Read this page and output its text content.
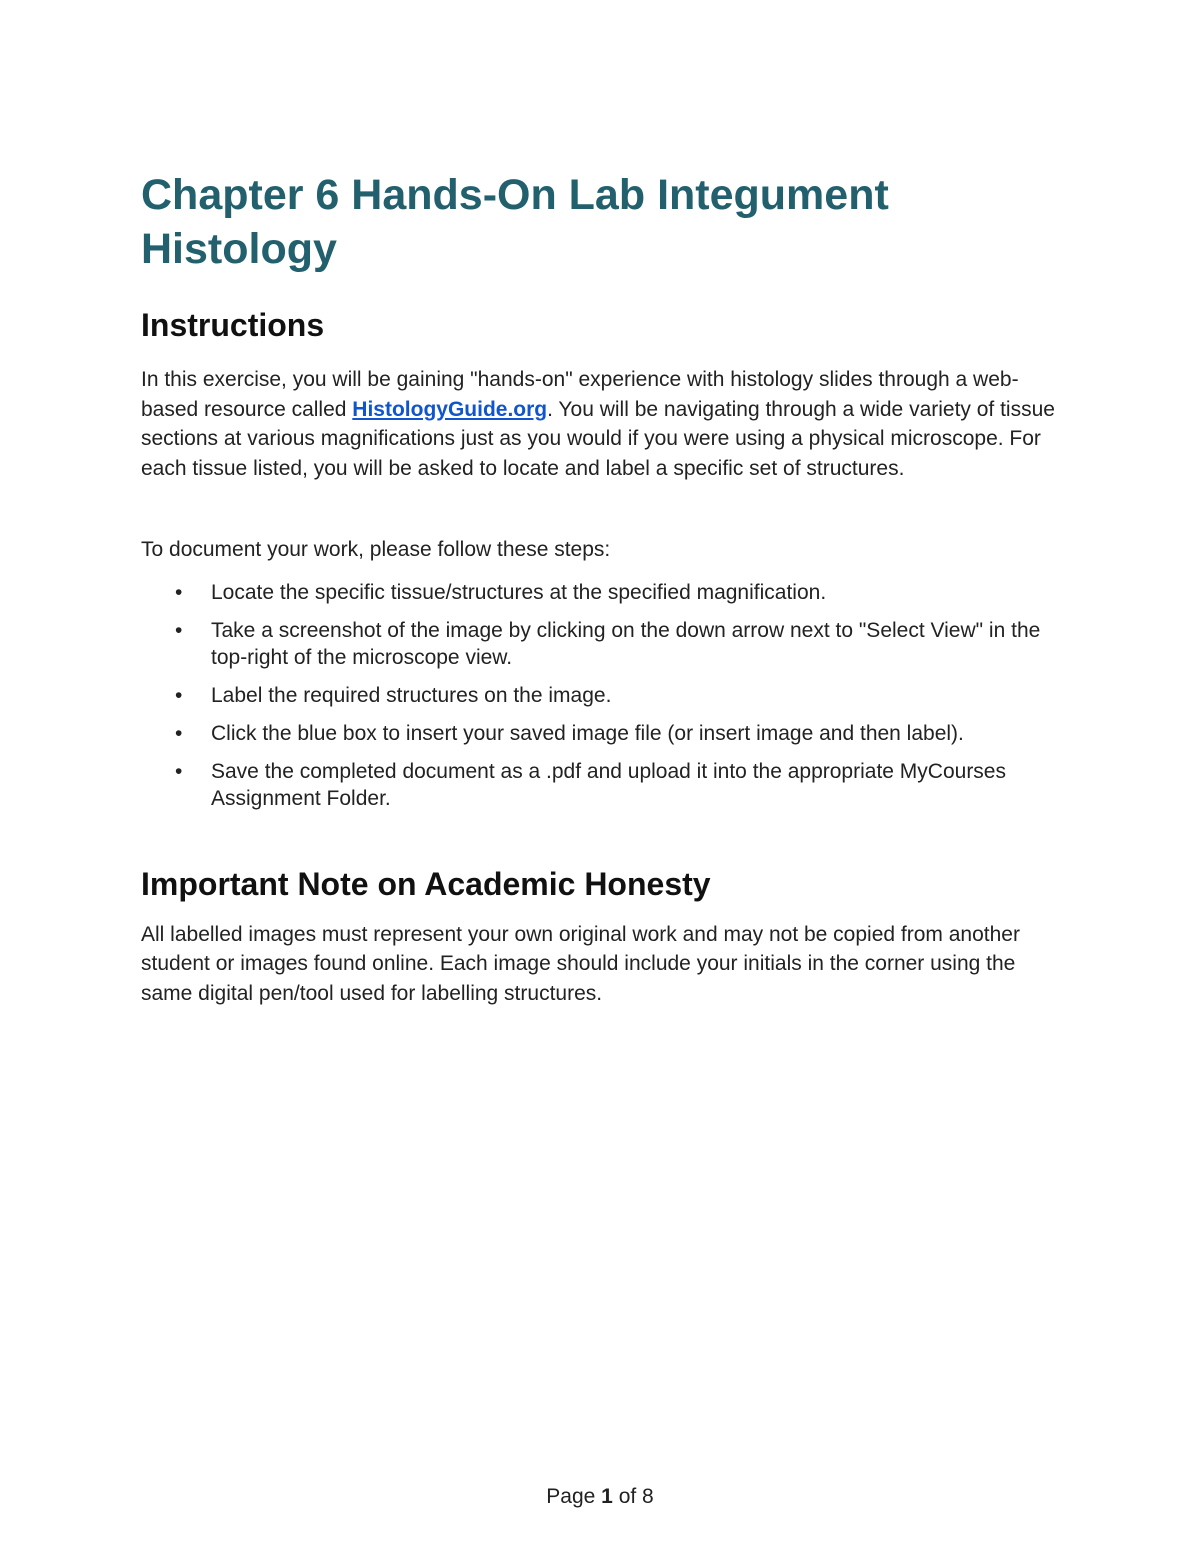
Chapter 6 Hands-On Lab Integument Histology
Instructions

In this exercise, you will be gaining "hands-on" experience with histology slides through a web-based resource called HistologyGuide.org. You will be navigating through a wide variety of tissue sections at various magnifications just as you would if you were using a physical microscope. For each tissue listed, you will be asked to locate and label a specific set of structures.

To document your work, please follow these steps:

• Locate the specific tissue/structures at the specified magnification.
• Take a screenshot of the image by clicking on the down arrow next to "Select View" in the top-right of the microscope view.
• Label the required structures on the image.
• Click the blue box to insert your saved image file (or insert image and then label).
• Save the completed document as a .pdf and upload it into the appropriate MyCourses Assignment Folder.
Important Note on Academic Honesty

All labelled images must represent your own original work and may not be copied from another student or images found online. Each image should include your initials in the corner using the same digital pen/tool used for labelling structures.

Page 1 of 8
